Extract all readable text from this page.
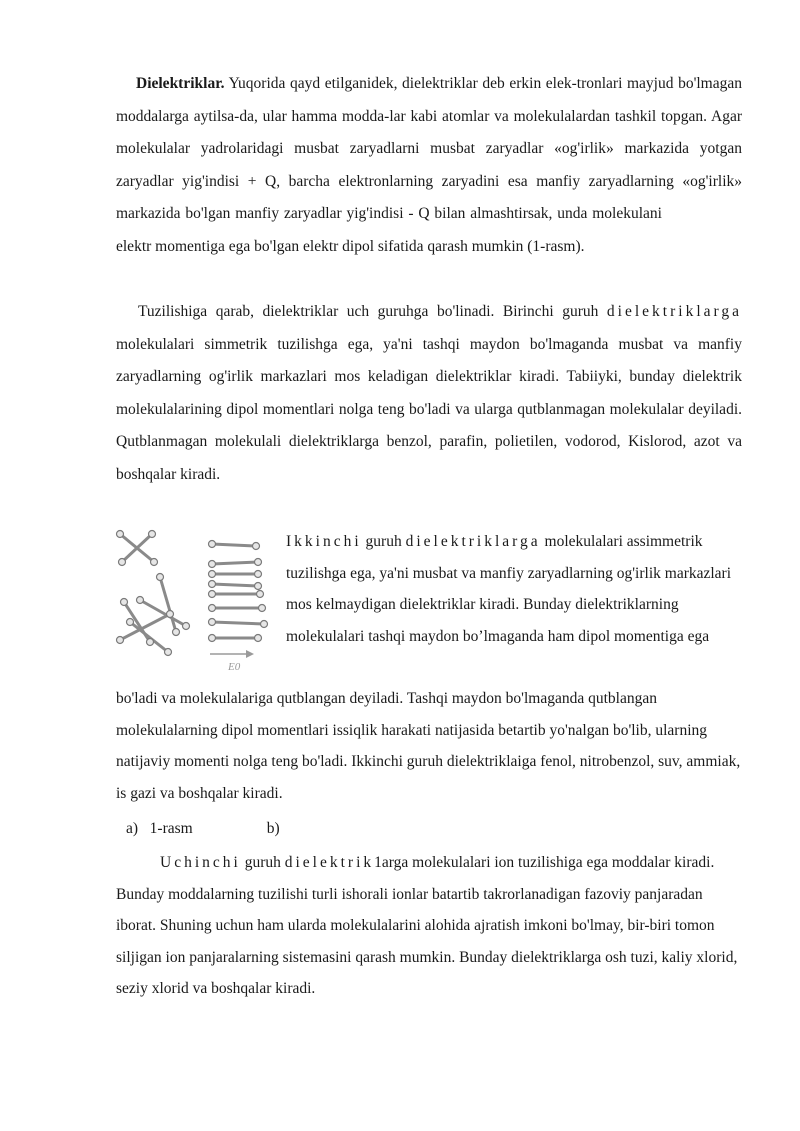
Dielektriklar. Yuqorida qayd etilganidek, dielektriklar deb erkin elek-tronlari mayjud bo'lmagan moddalarga aytilsa-da, ular hamma modda-lar kabi atomlar va molekulalardan tashkil topgan. Agar molekulalar yadrolaridagi musbat zaryadlarni musbat zaryadlar «og'irlik» markazida yotgan zaryadlar yig'indisi + Q, barcha elektronlarning zaryadini esa manfiy zaryadlarning «og'irlik» markazida bo'lgan manfiy zaryadlar yig'indisi - Q bilan almashtirsak, unda molekulanielektr momentiga ega bo'lgan elektr dipol sifatida qarash mumkin (1-rasm).

Tuzilishiga qarab, dielektriklar uch guruhga bo'linadi. Birinchi guruh dielektriklarga molekulalari simmetrik tuzilishga ega, ya'ni tashqi maydon bo'lmaganda musbat va manfiy zaryadlarning og'irlik markazlari mos keladigan dielektriklar kiradi. Tabiiyki, bunday dielektrik molekulalarining dipol momentlari nolga teng bo'ladi va ularga qutblanmagan molekulalar deyiladi. Qutblanmagan molekulali dielektriklarga benzol, parafin, polietilen, vodorod, Kislorod, azot va boshqalar kiradi.

E0

Ikkinchi guruh dielektriklarga molekulalari assimmetrik tuzilishga ega, ya'ni musbat va manfiy zaryadlarning og'irlik markazlari mos kelmaydigan dielektriklar kiradi. Bunday dielektriklarning molekulalari tashqi maydon bo’lmaganda ham dipol momentiga ega

bo'ladi va molekulalariga qutblangan deyiladi. Tashqi maydon bo'lmaganda qutblangan molekulalarning dipol momentlari issiqlik harakati natijasida betartib yo'nalgan bo'lib, ularning natijaviy momenti nolga teng bo'ladi. Ikkinchi guruh dielektriklaiga fenol, nitrobenzol, suv, ammiak, is gazi va boshqalar kiradi.

a) 1-rasm	b)

Uchinchi guruh dielektrik1arga molekulalari ion tuzilishiga ega moddalar kiradi. Bunday moddalarning tuzilishi turli ishorali ionlar batartib takrorlanadigan fazoviy panjaradan iborat. Shuning uchun ham ularda molekulalarini alohida ajratish imkoni bo'lmay, bir-biri tomon siljigan ion panjaralarning sistemasini qarash mumkin. Bunday dielektriklarga osh tuzi, kaliy xlorid, seziy xlorid va boshqalar kiradi.
